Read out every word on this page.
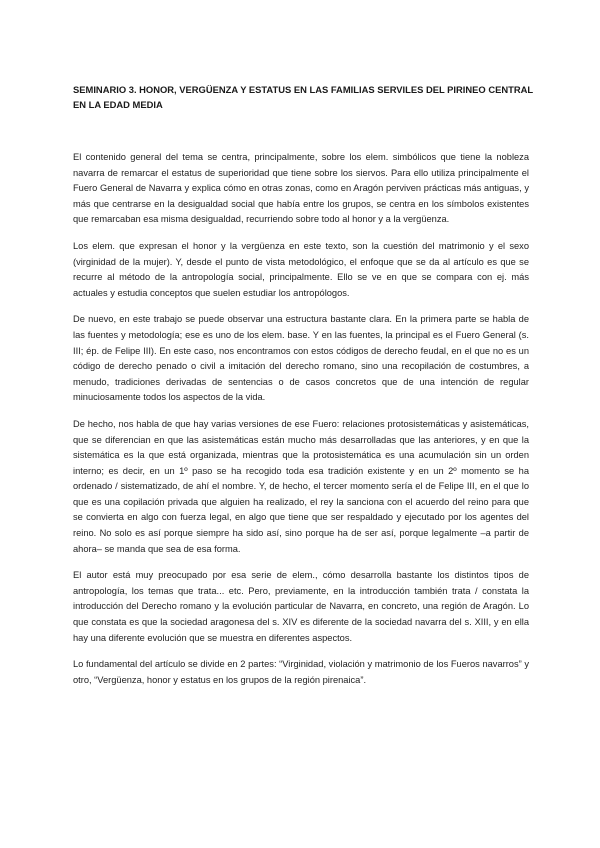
SEMINARIO 3. HONOR, VERGÜENZA Y ESTATUS EN LAS FAMILIAS SERVILES DEL PIRINEO CENTRAL EN LA EDAD MEDIA

El contenido general del tema se centra, principalmente, sobre los elem. simbólicos que tiene la nobleza navarra de remarcar el estatus de superioridad que tiene sobre los siervos. Para ello utiliza principalmente el Fuero General de Navarra y explica cómo en otras zonas, como en Aragón perviven prácticas más antiguas, y más que centrarse en la desigualdad social que había entre los grupos, se centra en los símbolos existentes que remarcaban esa misma desigualdad, recurriendo sobre todo al honor y a la vergüenza.

Los elem. que expresan el honor y la vergüenza en este texto, son la cuestión del matrimonio y el sexo (virginidad de la mujer). Y, desde el punto de vista metodológico, el enfoque que se da al artículo es que se recurre al método de la antropología social, principalmente. Ello se ve en que se compara con ej. más actuales y estudia conceptos que suelen estudiar los antropólogos.

De nuevo, en este trabajo se puede observar una estructura bastante clara. En la primera parte se habla de las fuentes y metodología; ese es uno de los elem. base. Y en las fuentes, la principal es el Fuero General (s. III; ép. de Felipe III). En este caso, nos encontramos con estos códigos de derecho feudal, en el que no es un código de derecho penado o civil a imitación del derecho romano, sino una recopilación de costumbres, a menudo, tradiciones derivadas de sentencias o de casos concretos que de una intención de regular minuciosamente todos los aspectos de la vida.

De hecho, nos habla de que hay varias versiones de ese Fuero: relaciones protosistemáticas y asistemáticas, que se diferencian en que las asistemáticas están mucho más desarrolladas que las anteriores, y en que la sistemática es la que está organizada, mientras que la protosistemática es una acumulación sin un orden interno; es decir, en un 1º paso se ha recogido toda esa tradición existente y en un 2º momento se ha ordenado / sistematizado, de ahí el nombre. Y, de hecho, el tercer momento sería el de Felipe III, en el que lo que es una copilación privada que alguien ha realizado, el rey la sanciona con el acuerdo del reino para que se convierta en algo con fuerza legal, en algo que tiene que ser respaldado y ejecutado por los agentes del reino. No solo es así porque siempre ha sido así, sino porque ha de ser así, porque legalmente –a partir de ahora– se manda que sea de esa forma.

El autor está muy preocupado por esa serie de elem., cómo desarrolla bastante los distintos tipos de antropología, los temas que trata... etc. Pero, previamente, en la introducción también trata / constata la introducción del Derecho romano y la evolución particular de Navarra, en concreto, una región de Aragón. Lo que constata es que la sociedad aragonesa del s. XIV es diferente de la sociedad navarra del s. XIII, y en ella hay una diferente evolución que se muestra en diferentes aspectos.

Lo fundamental del artículo se divide en 2 partes: “Virginidad, violación y matrimonio de los Fueros navarros” y otro, “Vergüenza, honor y estatus en los grupos de la región pirenaica”.
